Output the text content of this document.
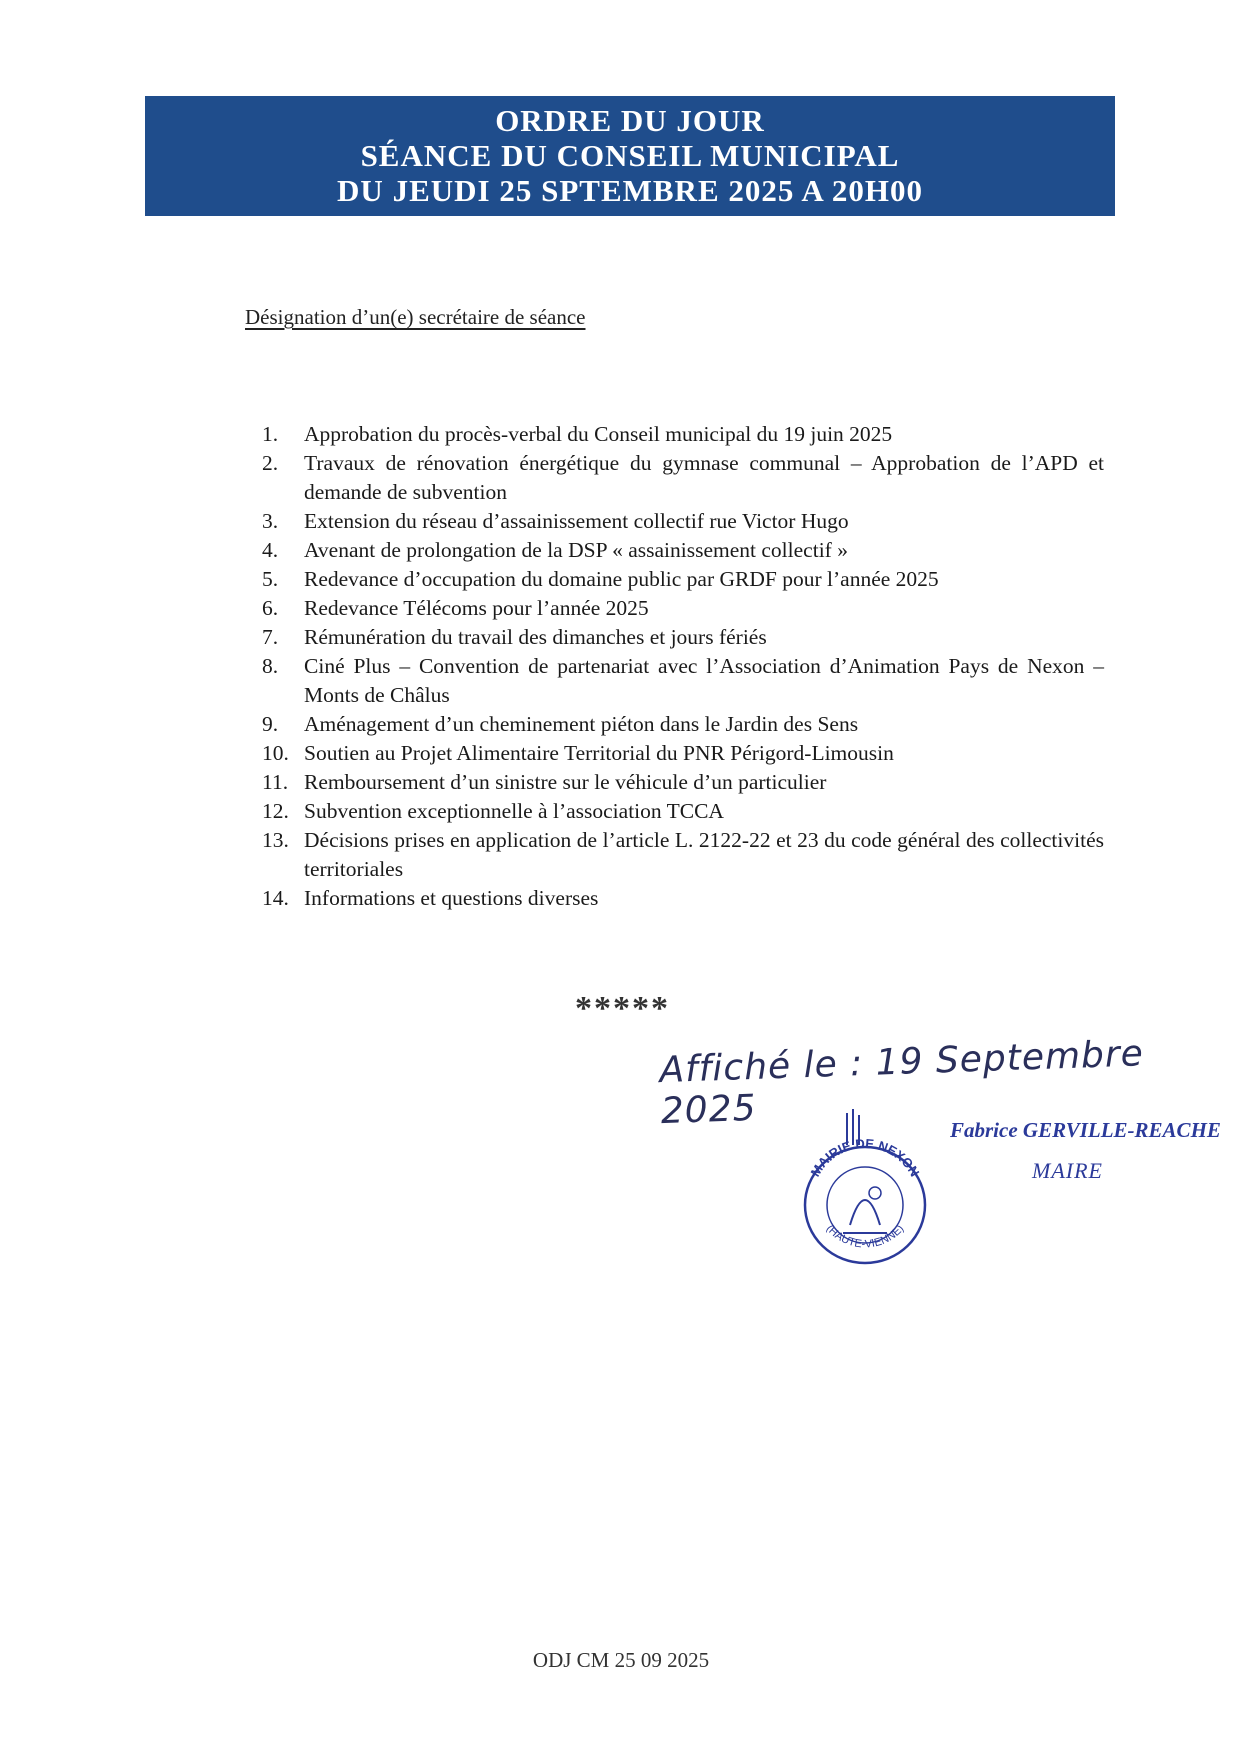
ORDRE DU JOUR
SÉANCE DU CONSEIL MUNICIPAL
DU JEUDI 25 SPTEMBRE 2025 A 20H00
Désignation d’un(e) secrétaire de séance
1.	Approbation du procès-verbal du Conseil municipal du 19 juin 2025
2.	Travaux de rénovation énergétique du gymnase communal – Approbation de l’APD et demande de subvention
3.	Extension du réseau d’assainissement collectif rue Victor Hugo
4.	Avenant de prolongation de la DSP « assainissement collectif »
5.	Redevance d’occupation du domaine public par GRDF pour l’année 2025
6.	Redevance Télécoms pour l’année 2025
7.	Rémunération du travail des dimanches et jours fériés
8.	Ciné Plus – Convention de partenariat avec l’Association d’Animation Pays de Nexon – Monts de Châlus
9.	Aménagement d’un cheminement piéton dans le Jardin des Sens
10. Soutien au Projet Alimentaire Territorial du PNR Périgord-Limousin
11. Remboursement d’un sinistre sur le véhicule d’un particulier
12. Subvention exceptionnelle à l’association TCCA
13. Décisions prises en application de l’article L. 2122-22 et 23 du code général des collectivités territoriales
14. Informations et questions diverses
*****
Affiché le : 19 Septembre 2025
MAIRIE DE NEXON
(HAUTE-VIENNE)
Fabrice GERVILLE-REACHE
MAIRE
ODJ CM 25 09 2025
